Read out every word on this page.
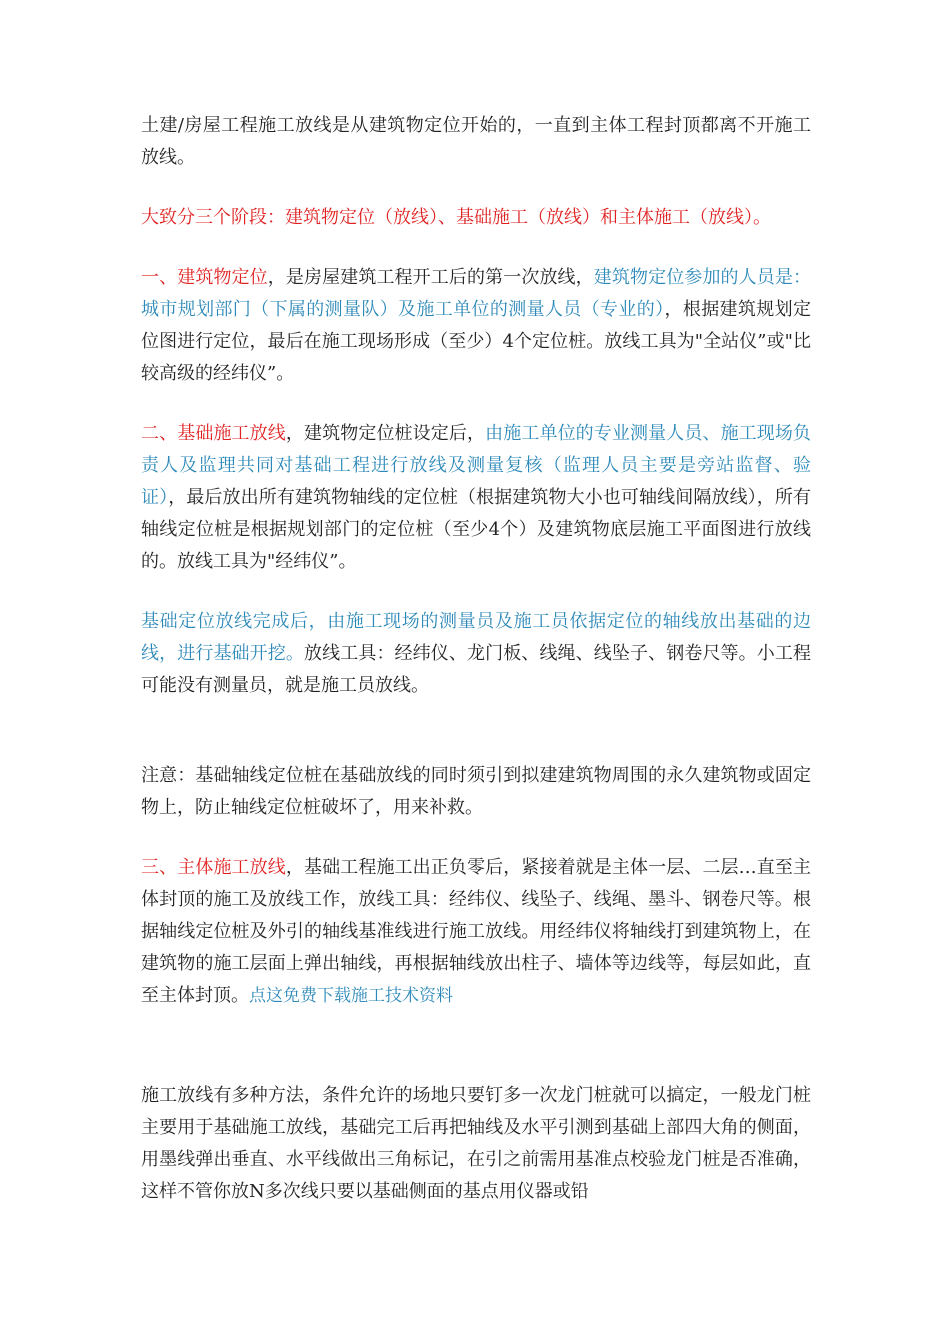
土建/房屋工程施工放线是从建筑物定位开始的，一直到主体工程封顶都离不开施工放线。

大致分三个阶段：建筑物定位（放线）、基础施工（放线）和主体施工（放线）。

一、建筑物定位，是房屋建筑工程开工后的第一次放线，建筑物定位参加的人员是：城市规划部门（下属的测量队）及施工单位的测量人员（专业的），根据建筑规划定位图进行定位，最后在施工现场形成（至少）4个定位桩。放线工具为"全站仪”或"比较高级的经纬仪”。

二、基础施工放线，建筑物定位桩设定后，由施工单位的专业测量人员、施工现场负责人及监理共同对基础工程进行放线及测量复核（监理人员主要是旁站监督、验证），最后放出所有建筑物轴线的定位桩（根据建筑物大小也可轴线间隔放线），所有轴线定位桩是根据规划部门的定位桩（至少4个）及建筑物底层施工平面图进行放线的。放线工具为"经纬仪”。

基础定位放线完成后，由施工现场的测量员及施工员依据定位的轴线放出基础的边线，进行基础开挖。放线工具：经纬仪、龙门板、线绳、线坠子、钢卷尺等。小工程可能没有测量员，就是施工员放线。

注意：基础轴线定位桩在基础放线的同时须引到拟建建筑物周围的永久建筑物或固定物上，防止轴线定位桩破坏了，用来补救。

三、主体施工放线，基础工程施工出正负零后，紧接着就是主体一层、二层…直至主体封顶的施工及放线工作，放线工具：经纬仪、线坠子、线绳、墨斗、钢卷尺等。根据轴线定位桩及外引的轴线基准线进行施工放线。用经纬仪将轴线打到建筑物上，在建筑物的施工层面上弹出轴线，再根据轴线放出柱子、墙体等边线等，每层如此，直至主体封顶。点这免费下载施工技术资料

施工放线有多种方法，条件允许的场地只要钉多一次龙门桩就可以搞定，一般龙门桩主要用于基础施工放线，基础完工后再把轴线及水平引测到基础上部四大角的侧面，用墨线弹出垂直、水平线做出三角标记，在引之前需用基准点校验龙门桩是否准确，这样不管你放N多次线只要以基础侧面的基点用仪器或铅
